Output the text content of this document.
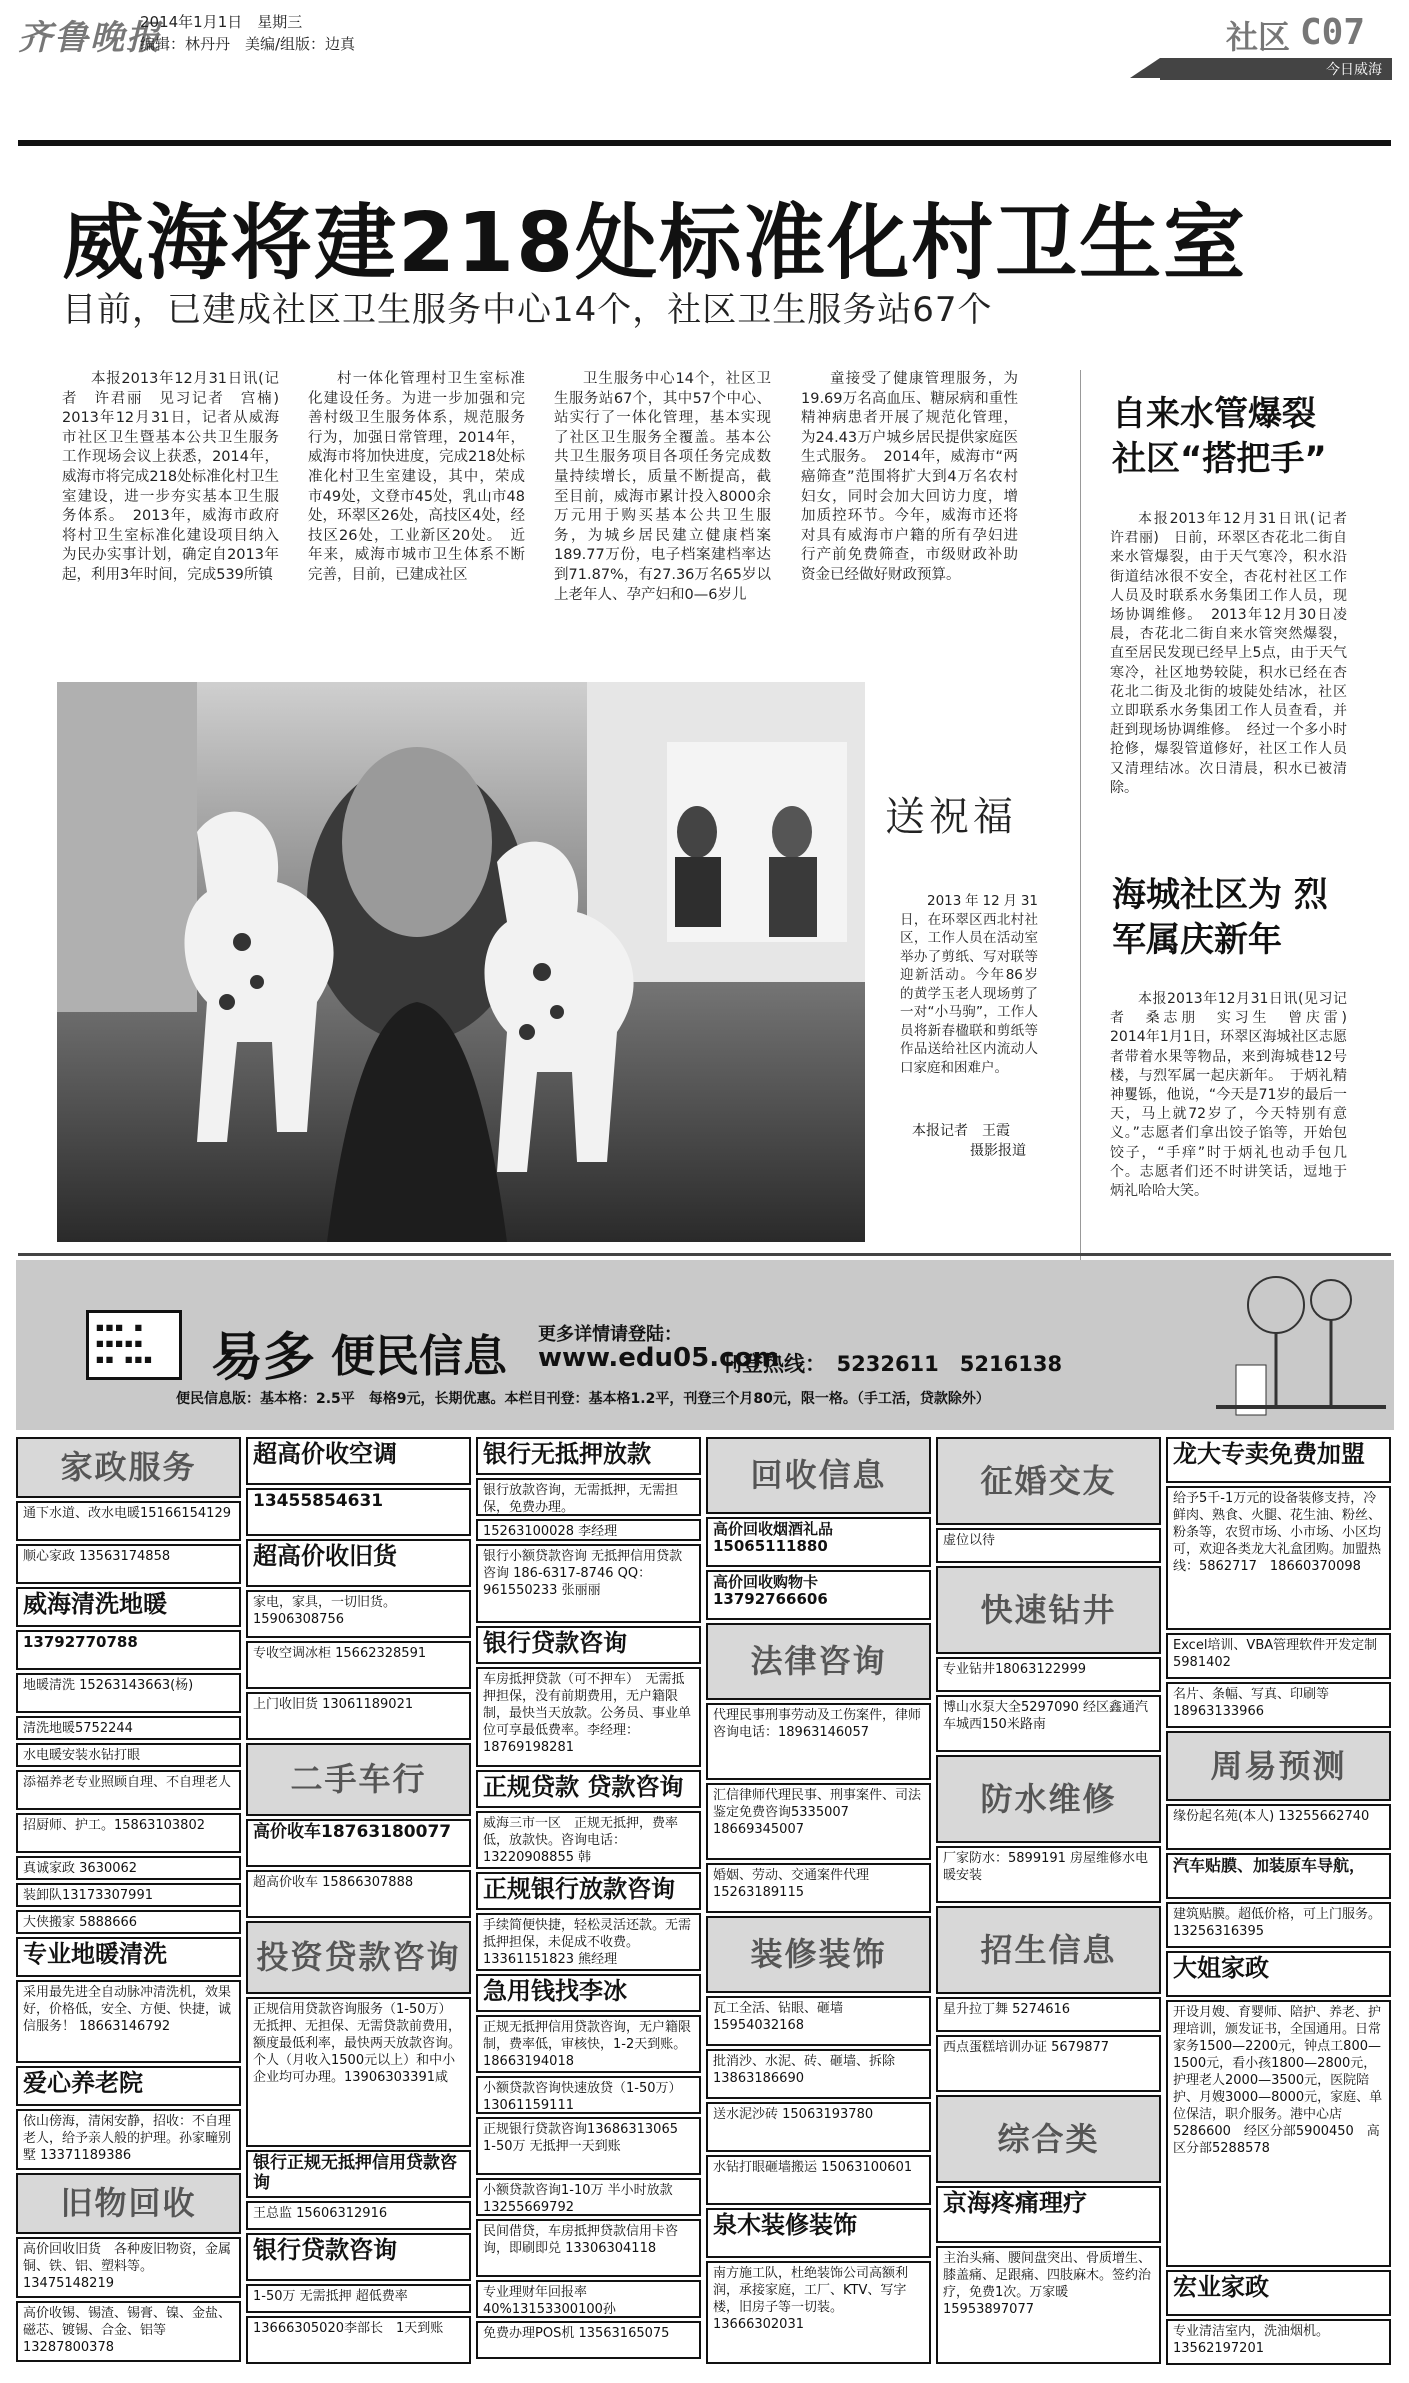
齐鲁晚报
2014年1月1日　星期三
编辑：林丹丹　美编/组版：边真	社区 C07
今日威海
威海将建218处标准化村卫生室
目前，已建成社区卫生服务中心14个，社区卫生服务站67个

本报2013年12月31日讯(记者　许君丽　见习记者　宫楠)　2013年12月31日，记者从威海市社区卫生暨基本公共卫生服务工作现场会议上获悉，2014年，威海市将完成218处标准化村卫生室建设，进一步夯实基本卫生服务体系。　2013年，威海市政府将村卫生室标准化建设项目纳入为民办实事计划，确定自2013年起，利用3年时间，完成539所镇

村一体化管理村卫生室标准化建设任务。为进一步加强和完善村级卫生服务体系，规范服务行为，加强日常管理，2014年，威海市将加快进度，完成218处标准化村卫生室建设，其中，荣成市49处，文登市45处，乳山市48处，环翠区26处，高技区4处，经技区26处，工业新区20处。　近年来，威海市城市卫生体系不断完善，目前，已建成社区

卫生服务中心14个，社区卫生服务站67个，其中57个中心、站实行了一体化管理，基本实现了社区卫生服务全覆盖。基本公共卫生服务项目各项任务完成数量持续增长，质量不断提高，截至目前，威海市累计投入8000余万元用于购买基本公共卫生服务，为城乡居民建立健康档案189.77万份，电子档案建档率达到71.87%，有27.36万名65岁以上老年人、孕产妇和0—6岁儿

童接受了健康管理服务，为19.69万名高血压、糖尿病和重性精神病患者开展了规范化管理，为24.43万户城乡居民提供家庭医生式服务。　2014年，威海市“两癌筛查”范围将扩大到4万名农村妇女，同时会加大回访力度，增加质控环节。今年，威海市还将对具有威海市户籍的所有孕妇进行产前免费筛查，市级财政补助资金已经做好财政预算。

送祝福

2013年12月31日，在环翠区西北村社区，工作人员在活动室举办了剪纸、写对联等迎新活动。今年86岁的黄学玉老人现场剪了一对“小马驹”，工作人员将新春楹联和剪纸等作品送给社区内流动人口家庭和困难户。

本报记者　王霞
摄影报道
自来水管爆裂 社区“搭把手”

本报2013年12月31日讯(记者　许君丽)　日前，环翠区杏花北二街自来水管爆裂，由于天气寒冷，积水沿街道结冰很不安全，杏花村社区工作人员及时联系水务集团工作人员，现场协调维修。　2013年12月30日凌晨，杏花北二街自来水管突然爆裂，直至居民发现已经早上5点，由于天气寒冷，社区地势较陡，积水已经在杏花北二街及北街的坡陡处结冰，社区立即联系水务集团工作人员查看，并赶到现场协调维修。　经过一个多小时抢修，爆裂管道修好，社区工作人员又清理结冰。次日清晨，积水已被清除。

海城社区为 烈军属庆新年

本报2013年12月31日讯(见习记者　桑志朋　实习生　曾庆雷)　2014年1月1日，环翠区海城社区志愿者带着水果等物品，来到海城巷12号楼，与烈军属一起庆新年。　于炳礼精神矍铄，他说，“今天是71岁的最后一天，马上就72岁了，今天特别有意义。”志愿者们拿出饺子馅等，开始包饺子，“手痒”时于炳礼也动手包几个。志愿者们还不时讲笑话，逗地于炳礼哈哈大笑。

▪▪▪ ▪
▪▪▪▪▪
▪▪ ▪▪▪	易多 便民信息 更多详情请登陆：
www.edu05.com
刊登热线：　5232611　5216138
便民信息版：基本格：2.5平　每格9元，长期优惠。本栏目刊登：基本格1.2平，刊登三个月80元，限一格。（手工活，贷款除外）
家政服务
通下水道、改水电暖15166154129
顺心家政 13563174858
威海清洗地暖
13792770788
地暖清洗 15263143663(杨)
清洗地暖5752244
水电暖安装水钻打眼
添福养老专业照顾自理、不自理老人
招厨师、护工。15863103802
真诚家政 3630062
装卸队13173307991
大侠搬家 5888666
专业地暖清洗
采用最先进全自动脉冲清洗机，效果好，价格低，安全、方便、快捷，诚信服务！ 18663146792
爱心养老院
依山傍海，清闲安静，招收：不自理老人，给予亲人般的护理。孙家疃别墅 13371189386
旧物回收
高价回收旧货　各种废旧物资，金属铜、铁、铝、塑料等。13475148219
高价收锡、锡渣、锡膏、镍、金盐、磁芯、镀锡、合金、铝等13287800378
超高价收空调
13455854631
超高价收旧货
家电，家具，一切旧货。15906308756
专收空调冰柜 15662328591
上门收旧货 13061189021
二手车行
高价收车18763180077
超高价收车 15866307888
投资贷款咨询
正规信用贷款咨询服务（1-50万）　无抵押、无担保、无需贷款前费用，额度最低利率，最快两天放款咨询。个人（月收入1500元以上）和中小企业均可办理。13906303391咸
银行正规无抵押信用贷款咨询
王总监 15606312916
银行贷款咨询
1-50万 无需抵押 超低费率
13666305020李部长　1天到账
银行无抵押放款
银行放款咨询，无需抵押，无需担保，免费办理。
15263100028 李经理
银行小额贷款咨询 无抵押信用贷款咨询 186-6317-8746 QQ：961550233 张丽丽
银行贷款咨询
车房抵押贷款（可不押车）　无需抵押担保，没有前期费用，无户籍限制，最快当天放款。公务员、事业单位可享最低费率。李经理：18769198281
正规贷款 贷款咨询
威海三市一区　正规无抵押，费率低，放款快。咨询电话：13220908855 韩
正规银行放款咨询
手续简便快捷，轻松灵活还款。无需抵押担保，未促成不收费。13361151823 熊经理
急用钱找李冰
正规无抵押信用贷款咨询，无户籍限制，费率低，审核快，1-2天到账。18663194018
小额贷款咨询快速放贷（1-50万）13061159111
正规银行贷款咨询13686313065　1-50万 无抵押一天到账
小额贷款咨询1-10万 半小时放款 13255669792
民间借贷，车房抵押贷款信用卡咨询，即刷即兑 13306304118
专业理财年回报率40%13153300100孙
免费办理POS机 13563165075
回收信息
高价回收烟酒礼品 15065111880
高价回收购物卡 13792766606
法律咨询
代理民事刑事劳动及工伤案件，律师咨询电话：18963146057
汇信律师代理民事、刑事案件、司法鉴定免费咨询5335007 18669345007
婚姻、劳动、交通案件代理 15263189115
装修装饰
瓦工全活、钻眼、砸墙 15954032168
批消沙、水泥、砖、砸墙、拆除13863186690
送水泥沙砖 15063193780
水钻打眼砸墙搬运 15063100601
泉木装修装饰
南方施工队，杜绝装饰公司高额利润，承接家庭，工厂、KTV、写字楼，旧房子等一切装。13666302031
征婚交友
虚位以待
快速钻井
专业钻井18063122999
博山水泵大全5297090 经区鑫通汽车城西150米路南
防水维修
厂家防水：5899191 房屋维修水电暖安装
招生信息
星升拉丁舞 5274616
西点蛋糕培训办证 5679877
综合类
京海疼痛理疗
主治头痛、腰间盘突出、骨质增生、膝盖痛、足跟痛、四肢麻木。签约治疗，免费1次。万家暖　15953897077
龙大专卖免费加盟
给予5千-1万元的设备装修支持，冷鲜肉、熟食、火腿、花生油、粉丝、粉条等，农贸市场、小市场、小区均可，欢迎各类龙大礼盒团购。加盟热线：5862717　18660370098
Excel培训、VBA管理软件开发定制 5981402
名片、条幅、写真、印刷等 18963133966
周易预测
缘份起名苑(本人) 13255662740
汽车贴膜、加装原车导航，
建筑贴膜。超低价格，可上门服务。13256316395
大姐家政
开设月嫂、育婴师、陪护、养老、护理培训，颁发证书，全国通用。日常家务1500—2200元，钟点工800—1500元，看小孩1800—2800元，护理老人2000—3500元，医院陪护、月嫂3000—8000元，家庭、单位保洁，职介服务。港中心店5286600　经区分部5900450　高区分部5288578
宏业家政
专业清洁室内，洗油烟机。13562197201
